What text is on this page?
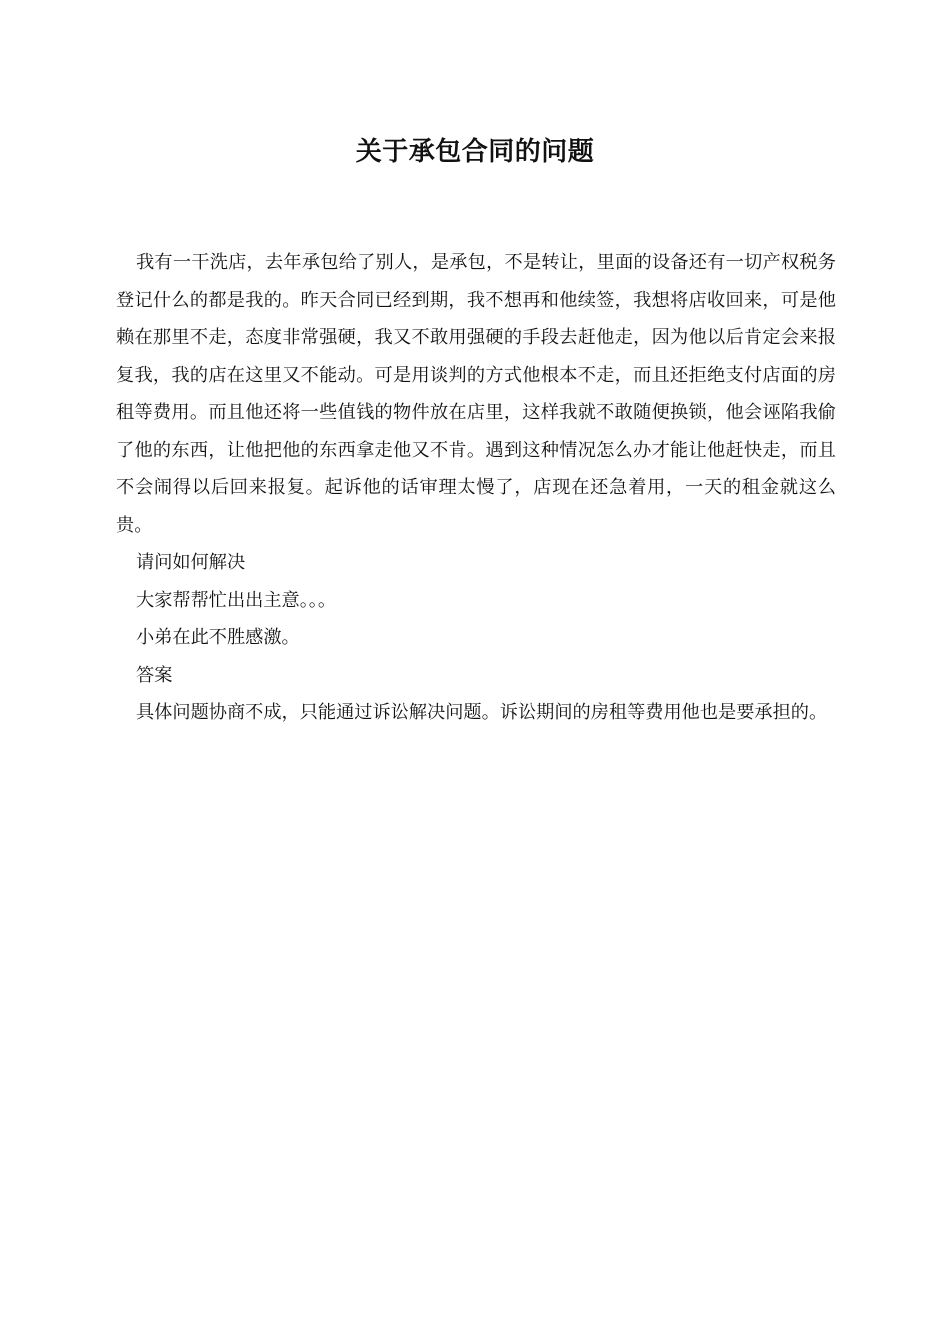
关于承包合同的问题

我有一干洗店，去年承包给了别人，是承包，不是转让，里面的设备还有一切产权税务登记什么的都是我的。昨天合同已经到期，我不想再和他续签，我想将店收回来，可是他赖在那里不走，态度非常强硬，我又不敢用强硬的手段去赶他走，因为他以后肯定会来报复我，我的店在这里又不能动。可是用谈判的方式他根本不走，而且还拒绝支付店面的房租等费用。而且他还将一些值钱的物件放在店里，这样我就不敢随便换锁，他会诬陷我偷了他的东西，让他把他的东西拿走他又不肯。遇到这种情况怎么办才能让他赶快走，而且不会闹得以后回来报复。起诉他的话审理太慢了，店现在还急着用，一天的租金就这么贵。

请问如何解决

大家帮帮忙出出主意。。。

小弟在此不胜感激。

答案

具体问题协商不成，只能通过诉讼解决问题。诉讼期间的房租等费用他也是要承担的。
